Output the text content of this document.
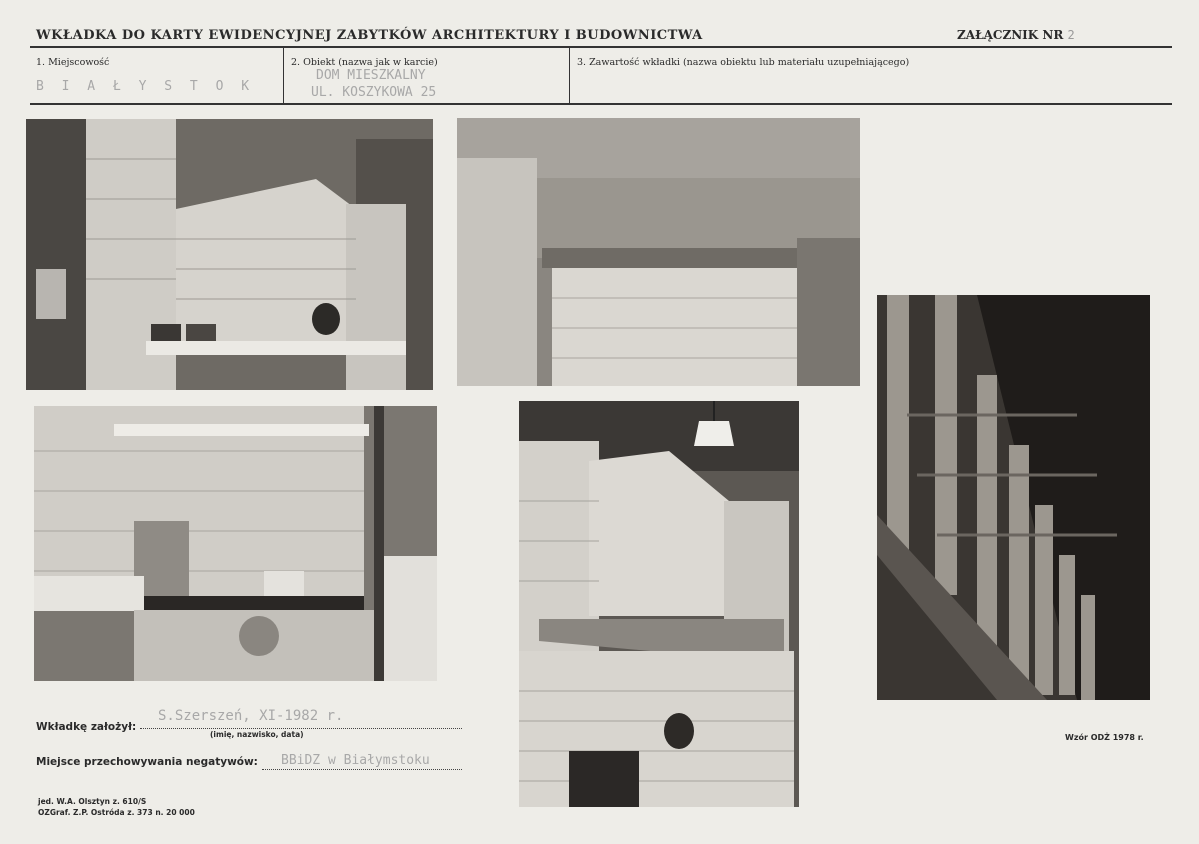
WKŁADKA DO KARTY EWIDENCYJNEJ ZABYTKÓW ARCHITEKTURY I BUDOWNICTWA	ZAŁĄCZNIK NR 2
1. Miejscowość
B I A Ł Y S T O K
2. Obiekt (nazwa jak w karcie)
DOM MIESZKALNY
UL. KOSZYKOWA 25
3. Zawartość wkładki (nazwa obiektu lub materiału uzupełniającego)
Wkładkę założył:
S.Szerszeń, XI-1982 r.
(imię, nazwisko, data)
Miejsce przechowywania negatywów: BBiDZ w Białymstoku
jed. W.A. Olsztyn z. 610/S
OZGraf. Z.P. Ostróda z. 373 n. 20 000
Wzór ODŻ 1978 r.
